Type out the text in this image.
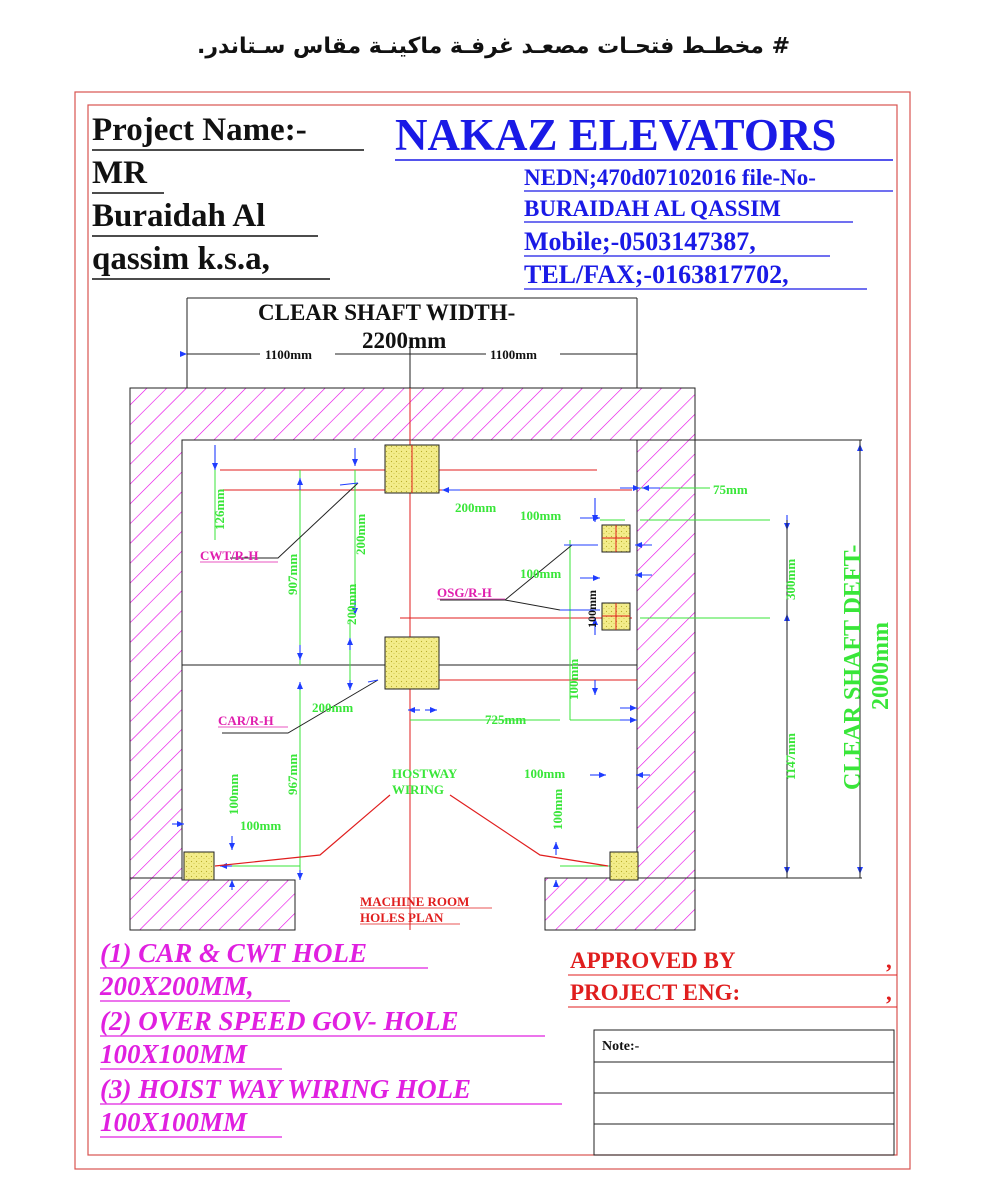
# مخطـط فتحـات مصعـد غرفـة ماكينـة مقاس سـتاندر.
Project Name:-
MR
Buraidah Al
qassim k.s.a,
NAKAZ ELEVATORS
NEDN;470d07102016 file-No-
BURAIDAH AL QASSIM
Mobile;-0503147387,
TEL/FAX;-0163817702,
CLEAR SHAFT WIDTH-
2200mm
1100mm	1100mm
126mm	200mm
200mm
907mm
200mm
967mm
75mm
100mm
100mm
100mm
300mm
200mm
725mm
1147mm
100mm
100mm
100mm
100mm
100mm	CLEAR SHAFT DEFT- 2000mm
CWT/R-H
CAR/R-H
OSG/R-H
HOSTWAY
WIRING
MACHINE ROOM
HOLES PLAN
(1) CAR & CWT HOLE
200X200MM,
(2) OVER SPEED GOV- HOLE
100X100MM
(3) HOIST WAY WIRING HOLE
100X100MM
APPROVED BY	,
PROJECT ENG:	,
Note:-
